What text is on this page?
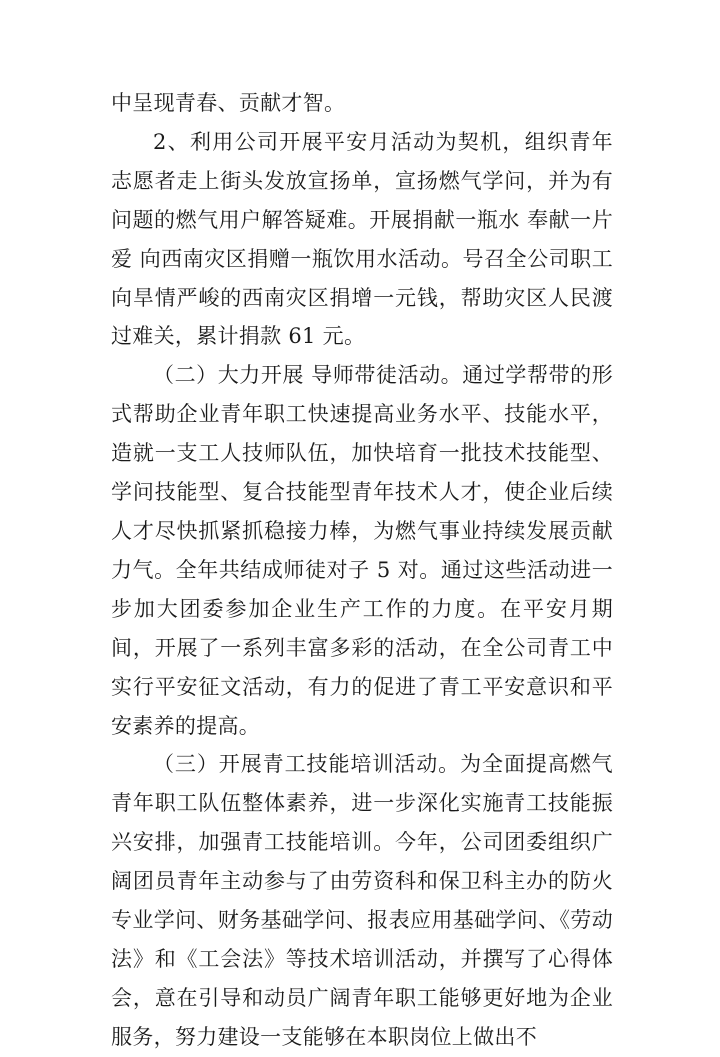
中呈现青春、贡献才智。

2、利用公司开展平安月活动为契机，组织青年志愿者走上街头发放宣扬单，宣扬燃气学问，并为有问题的燃气用户解答疑难。开展捐献一瓶水 奉献一片爱 向西南灾区捐赠一瓶饮用水活动。号召全公司职工向旱情严峻的西南灾区捐增一元钱，帮助灾区人民渡过难关，累计捐款 61 元。

（二）大力开展 导师带徒活动。通过学帮带的形式帮助企业青年职工快速提高业务水平、技能水平，造就一支工人技师队伍，加快培育一批技术技能型、学问技能型、复合技能型青年技术人才，使企业后续人才尽快抓紧抓稳接力棒，为燃气事业持续发展贡献力气。全年共结成师徒对子 5 对。通过这些活动进一步加大团委参加企业生产工作的力度。在平安月期间，开展了一系列丰富多彩的活动，在全公司青工中实行平安征文活动，有力的促进了青工平安意识和平安素养的提高。

（三）开展青工技能培训活动。为全面提高燃气青年职工队伍整体素养，进一步深化实施青工技能振兴安排，加强青工技能培训。今年，公司团委组织广阔团员青年主动参与了由劳资科和保卫科主办的防火专业学问、财务基础学问、报表应用基础学问、《劳动法》和《工会法》等技术培训活动，并撰写了心得体会，意在引导和动员广阔青年职工能够更好地为企业服务，努力建设一支能够在本职岗位上做出不
